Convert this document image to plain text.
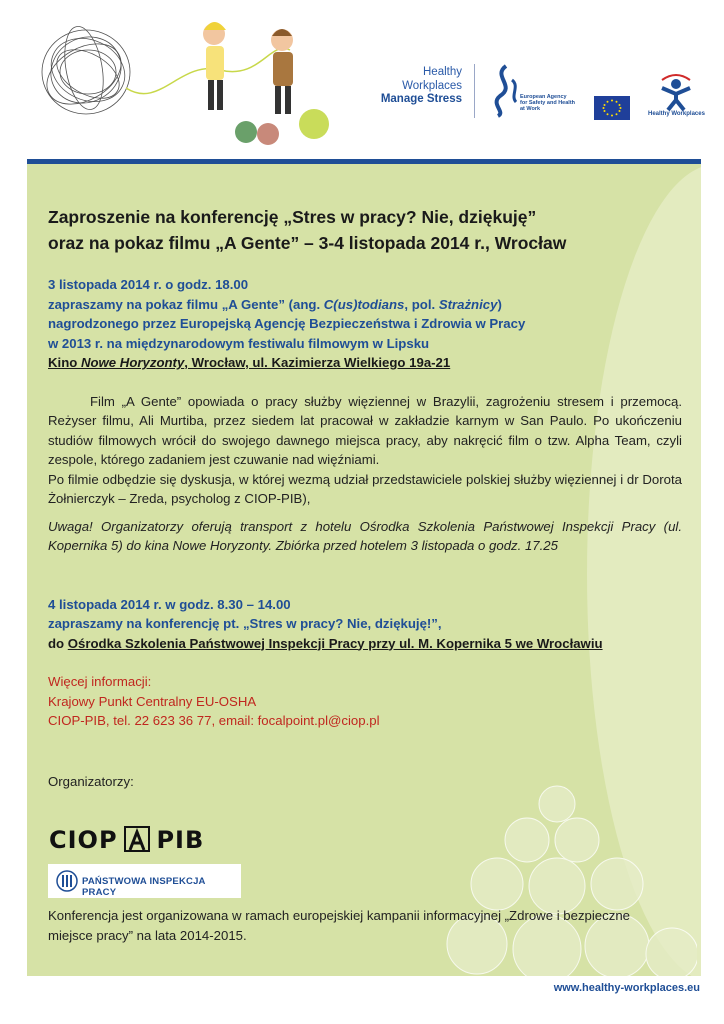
Healthy
Workplaces
Manage Stress	European Agency
for Safety and Health
at Work
Healthy Workplaces

Zaproszenie na konferencję „Stres w pracy? Nie, dziękuję”

oraz na pokaz filmu „A Gente” – 3-4 listopada 2014 r., Wrocław

3 listopada 2014 r. o godz. 18.00

zapraszamy na pokaz filmu „A Gente” (ang. C(us)todians, pol. Strażnicy)

nagrodzonego przez Europejską Agencję Bezpieczeństwa i Zdrowia w Pracy

w 2013 r. na międzynarodowym festiwalu filmowym w Lipsku

Kino Nowe Horyzonty, Wrocław, ul. Kazimierza Wielkiego 19a-21

Film „A Gente” opowiada o pracy służby więziennej w Brazylii, zagrożeniu stresem i przemocą. Reżyser filmu, Ali Murtiba, przez siedem lat pracował w zakładzie karnym w San Paulo. Po ukończeniu studiów filmowych wrócił do swojego dawnego miejsca pracy, aby nakręcić film o tzw. Alpha Team, czyli zespole, którego zadaniem jest czuwanie nad więźniami.

Po filmie odbędzie się dyskusja, w której wezmą udział przedstawiciele polskiej służby więziennej i dr Dorota Żołnierczyk – Zreda, psycholog z CIOP-PIB),

Uwaga! Organizatorzy oferują transport z hotelu Ośrodka Szkolenia Państwowej Inspekcji Pracy (ul. Kopernika 5) do kina Nowe Horyzonty. Zbiórka przed hotelem 3 listopada o godz. 17.25

4 listopada 2014 r. w godz. 8.30 – 14.00

zapraszamy na konferencję pt. „Stres w pracy? Nie, dziękuję!”,

do Ośrodka Szkolenia Państwowej Inspekcji Pracy przy ul. M. Kopernika 5 we Wrocławiu

Więcej informacji:

Krajowy Punkt Centralny EU-OSHA

CIOP-PIB, tel. 22 623 36 77, email: focalpoint.pl@ciop.pl

Organizatorzy:

CIOP PIB
PAŃSTWOWA INSPEKCJA PRACY

Konferencja jest organizowana w ramach europejskiej kampanii informacyjnej „Zdrowe i bezpieczne miejsce pracy” na lata 2014-2015.

www.healthy-workplaces.eu
